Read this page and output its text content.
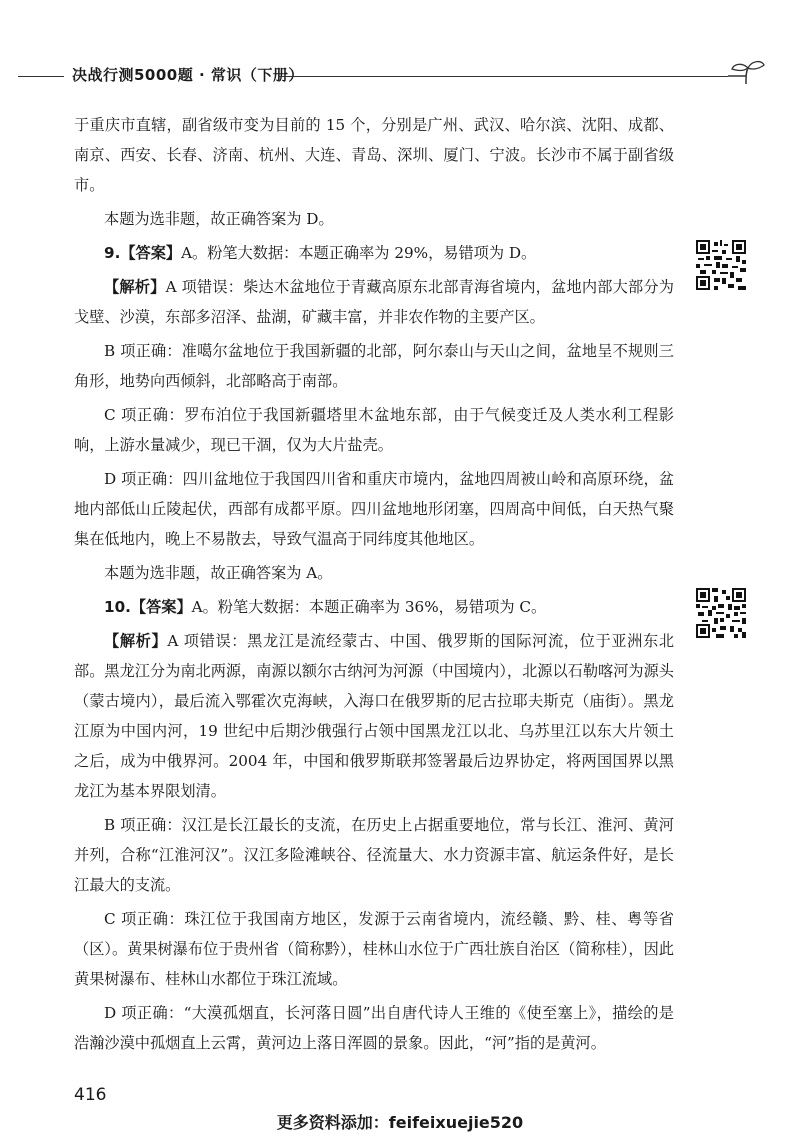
决战行测5000题 · 常识（下册）

于重庆市直辖，副省级市变为目前的 15 个，分别是广州、武汉、哈尔滨、沈阳、成都、南京、西安、长春、济南、杭州、大连、青岛、深圳、厦门、宁波。长沙市不属于副省级市。

本题为选非题，故正确答案为 D。

9.【答案】A。粉笔大数据：本题正确率为 29%，易错项为 D。

【解析】A 项错误：柴达木盆地位于青藏高原东北部青海省境内，盆地内部大部分为戈壁、沙漠，东部多沼泽、盐湖，矿藏丰富，并非农作物的主要产区。

B 项正确：准噶尔盆地位于我国新疆的北部，阿尔泰山与天山之间，盆地呈不规则三角形，地势向西倾斜，北部略高于南部。

C 项正确：罗布泊位于我国新疆塔里木盆地东部，由于气候变迁及人类水利工程影响，上游水量减少，现已干涸，仅为大片盐壳。

D 项正确：四川盆地位于我国四川省和重庆市境内，盆地四周被山岭和高原环绕，盆地内部低山丘陵起伏，西部有成都平原。四川盆地地形闭塞，四周高中间低，白天热气聚集在低地内，晚上不易散去，导致气温高于同纬度其他地区。

本题为选非题，故正确答案为 A。

10.【答案】A。粉笔大数据：本题正确率为 36%，易错项为 C。

【解析】A 项错误：黑龙江是流经蒙古、中国、俄罗斯的国际河流，位于亚洲东北部。黑龙江分为南北两源，南源以额尔古纳河为河源（中国境内），北源以石勒喀河为源头（蒙古境内），最后流入鄂霍次克海峡，入海口在俄罗斯的尼古拉耶夫斯克（庙街）。黑龙江原为中国内河，19 世纪中后期沙俄强行占领中国黑龙江以北、乌苏里江以东大片领土之后，成为中俄界河。2004 年，中国和俄罗斯联邦签署最后边界协定，将两国国界以黑龙江为基本界限划清。

B 项正确：汉江是长江最长的支流，在历史上占据重要地位，常与长江、淮河、黄河并列，合称“江淮河汉”。汉江多险滩峡谷、径流量大、水力资源丰富、航运条件好，是长江最大的支流。

C 项正确：珠江位于我国南方地区，发源于云南省境内，流经赣、黔、桂、粤等省（区）。黄果树瀑布位于贵州省（简称黔），桂林山水位于广西壮族自治区（简称桂），因此黄果树瀑布、桂林山水都位于珠江流域。

D 项正确：“大漠孤烟直，长河落日圆”出自唐代诗人王维的《使至塞上》，描绘的是浩瀚沙漠中孤烟直上云霄，黄河边上落日浑圆的景象。因此，“河”指的是黄河。

416
更多资料添加：feifeixuejie520
